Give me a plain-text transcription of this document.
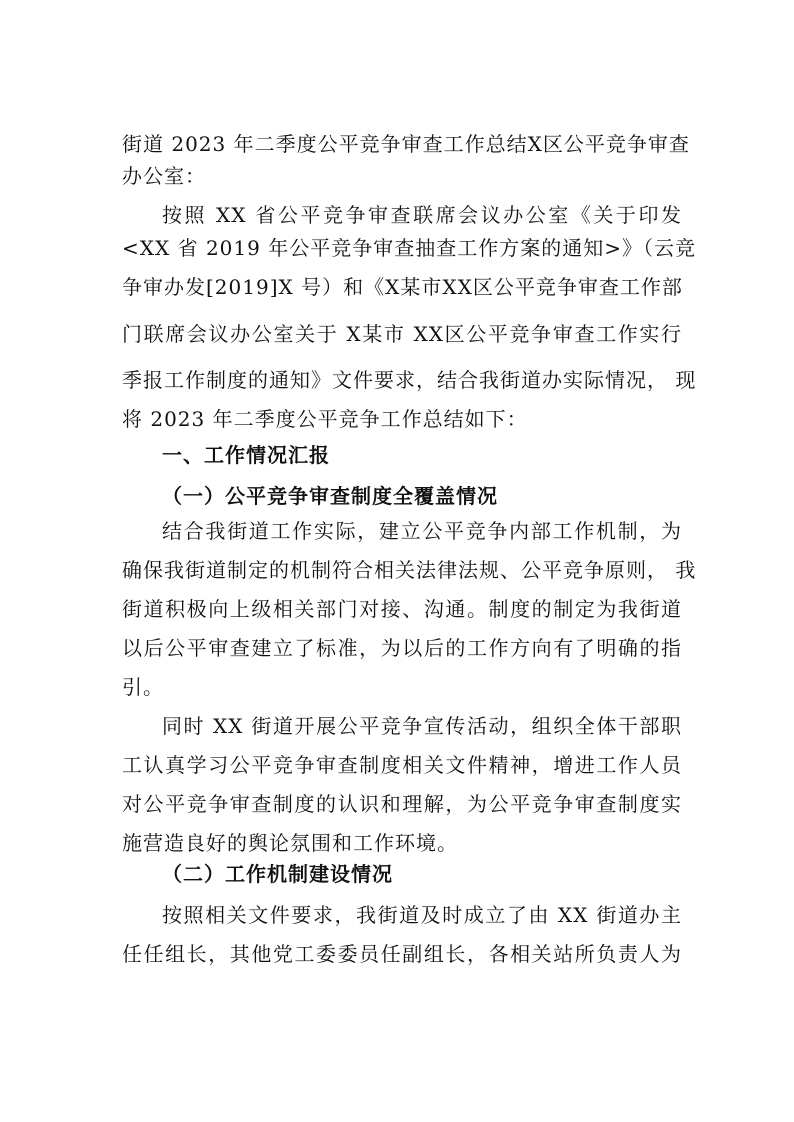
街道 2023 年二季度公平竞争审查工作总结X区公平竞争审查
办公室：
按照 XX 省公平竞争审查联席会议办公室《关于印发
<XX 省 2019 年公平竞争审查抽查工作方案的通知>》（云竞
争审办发[2019]X 号）和《X某市XX区公平竞争审查工作部
门联席会议办公室关于 X某市 XX区公平竞争审查工作实行
季报工作制度的通知》文件要求，结合我街道办实际情况， 现
将 2023 年二季度公平竞争工作总结如下：
一、工作情况汇报
（一）公平竞争审查制度全覆盖情况
结合我街道工作实际，建立公平竞争内部工作机制，为
确保我街道制定的机制符合相关法律法规、公平竞争原则， 我
街道积极向上级相关部门对接、沟通。制度的制定为我街道
以后公平审查建立了标准，为以后的工作方向有了明确的指
引。
同时 XX 街道开展公平竞争宣传活动，组织全体干部职
工认真学习公平竞争审查制度相关文件精神，增进工作人员
对公平竞争审查制度的认识和理解，为公平竞争审查制度实
施营造良好的舆论氛围和工作环境。
（二）工作机制建设情况
按照相关文件要求，我街道及时成立了由 XX 街道办主
任任组长，其他党工委委员任副组长，各相关站所负责人为
